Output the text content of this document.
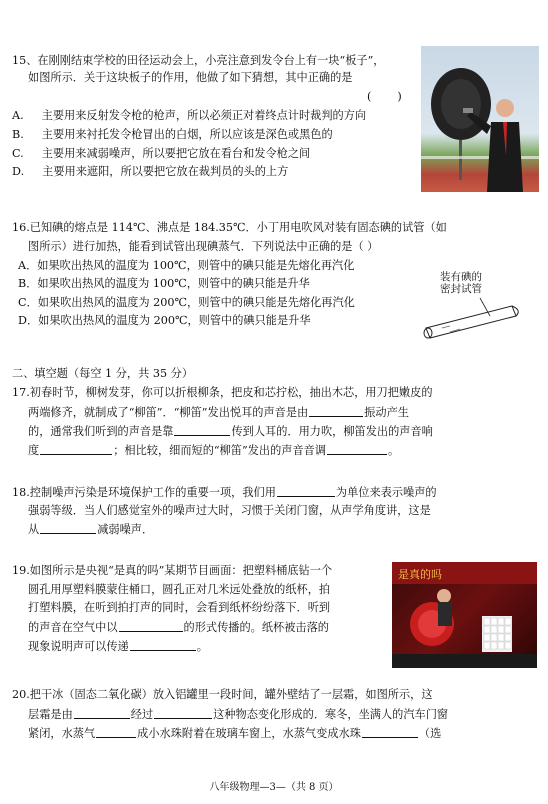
15、在刚刚结束学校的田径运动会上，小亮注意到发令台上有一块“板子”，
如图所示．关于这块板子的作用，他做了如下猜想，其中正确的是
( )
A. 主要用来反射发令枪的枪声，所以必须正对着终点计时裁判的方向
B. 主要用来衬托发令枪冒出的白烟，所以应该是深色或黑色的
C. 主要用来减弱噪声，所以要把它放在看台和发令枪之间
D. 主要用来遮阳，所以要把它放在裁判员的头的上方
16.已知碘的熔点是 114℃、沸点是 184.35℃．小丁用电吹风对装有固态碘的试管（如
图所示）进行加热，能看到试管出现碘蒸气．下列说法中正确的是（ ）
A．如果吹出热风的温度为 100℃，则管中的碘只能是先熔化再汽化
B．如果吹出热风的温度为 100℃，则管中的碘只能是升华
C．如果吹出热风的温度为 200℃，则管中的碘只能是先熔化再汽化
D．如果吹出热风的温度为 200℃，则管中的碘只能是升华
装有碘的
密封试管
二、填空题（每空 1 分，共 35 分）
17.初春时节，柳树发芽，你可以折根柳条，把皮和芯拧松，抽出木芯，用刀把嫩皮的
两端修齐，就制成了“柳笛”．“柳笛”发出悦耳的声音是由	振动产生
的，通常我们听到的声音是靠	传到人耳的．用力吹，柳笛发出的声音响
度	；相比较，细而短的“柳笛”发出的声音音调	。
18.控制噪声污染是环境保护工作的重要一项，我们用	为单位来表示噪声的
强弱等级．当人们感觉室外的噪声过大时，习惯于关闭门窗，从声学角度讲，这是
从	减弱噪声．
19.如图所示是央视“是真的吗”某期节目画面：把塑料桶底钻一个
圆孔用厚塑料膜蒙住桶口，圆孔正对几米远处叠放的纸杯，拍
打塑料膜，在听到拍打声的同时，会看到纸杯纷纷落下．听到
的声音在空气中以	的形式传播的。纸杯被击落的
现象说明声可以传递	。
是真的吗
20.把干冰（固态二氧化碳）放入铝罐里一段时间，罐外壁结了一层霜，如图所示，这
层霜是由	经过	这种物态变化形成的．寒冬，坐满人的汽车门窗
紧闭，水蒸气	成小水珠附着在玻璃车窗上，水蒸气变成水珠	（选
八年级物理—3—（共 8 页）
